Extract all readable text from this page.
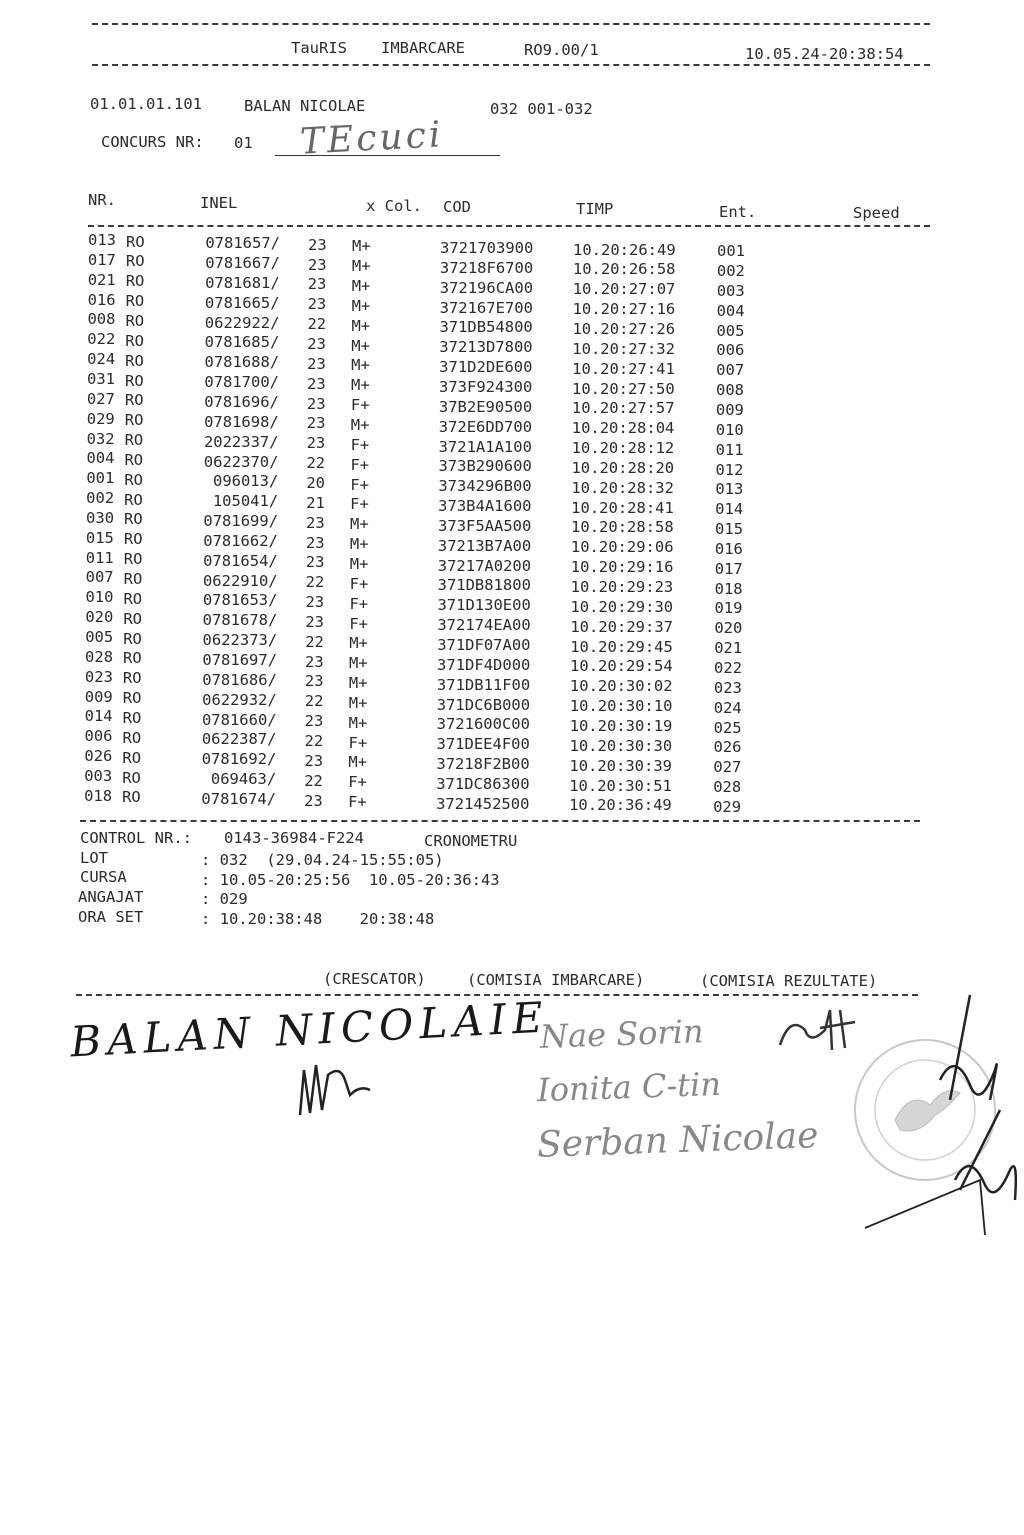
TauRIS IMBARCARE	RO9.00/1	10.05.24-20:38:54
01.01.01.101	BALAN NICOLAE	032 001-032
CONCURS NR: 01 TEcuci
NR.	INEL	x Col. COD	TIMP	Ent.	Speed
013 RO	0781657/ 23 M+	3721703900	10.20:26:49	001
017 RO	0781667/ 23 M+	37218F6700	10.20:26:58	002
021 RO	0781681/ 23 M+	372196CA00	10.20:27:07	003
016 RO	0781665/ 23 M+	372167E700	10.20:27:16	004
008 RO	0622922/ 22 M+	371DB54800	10.20:27:26	005
022 RO	0781685/ 23 M+	37213D7800	10.20:27:32	006
024 RO	0781688/ 23 M+	371D2DE600	10.20:27:41	007
031 RO	0781700/ 23 M+	373F924300	10.20:27:50	008
027 RO	0781696/ 23 F+	37B2E90500	10.20:27:57	009
029 RO	0781698/ 23 M+	372E6DD700	10.20:28:04	010
032 RO	2022337/ 23 F+	3721A1A100	10.20:28:12	011
004 RO	0622370/ 22 F+	373B290600	10.20:28:20	012
001 RO	096013/ 20 F+	3734296B00	10.20:28:32	013
002 RO	105041/ 21 F+	373B4A1600	10.20:28:41	014
030 RO	0781699/ 23 M+	373F5AA500	10.20:28:58	015
015 RO	0781662/ 23 M+	37213B7A00	10.20:29:06	016
011 RO	0781654/ 23 M+	37217A0200	10.20:29:16	017
007 RO	0622910/ 22 F+	371DB81800	10.20:29:23	018
010 RO	0781653/ 23 F+	371D130E00	10.20:29:30	019
020 RO	0781678/ 23 F+	372174EA00	10.20:29:37	020
005 RO	0622373/ 22 M+	371DF07A00	10.20:29:45	021
028 RO	0781697/ 23 M+	371DF4D000	10.20:29:54	022
023 RO	0781686/ 23 M+	371DB11F00	10.20:30:02	023
009 RO	0622932/ 22 M+	371DC6B000	10.20:30:10	024
014 RO	0781660/ 23 M+	3721600C00	10.20:30:19	025
006 RO	0622387/ 22 F+	371DEE4F00	10.20:30:30	026
026 RO	0781692/ 23 M+	37218F2B00	10.20:30:39	027
003 RO	069463/ 22 F+	371DC86300	10.20:30:51	028
018 RO	0781674/ 23 F+	3721452500	10.20:36:49	029
CONTROL NR.: 0143-36984-F224	CRONOMETRU
LOT	: 032  (29.04.24-15:55:05)
CURSA	: 10.05-20:25:56  10.05-20:36:43
ANGAJAT	: 029
ORA SET	: 10.20:38:48    20:38:48
(CRESCATOR)	(COMISIA IMBARCARE)	(COMISIA REZULTATE)
BALAN NICOLAIE
Nae Sorin
Ionita C-tin
Serban Nicolae
